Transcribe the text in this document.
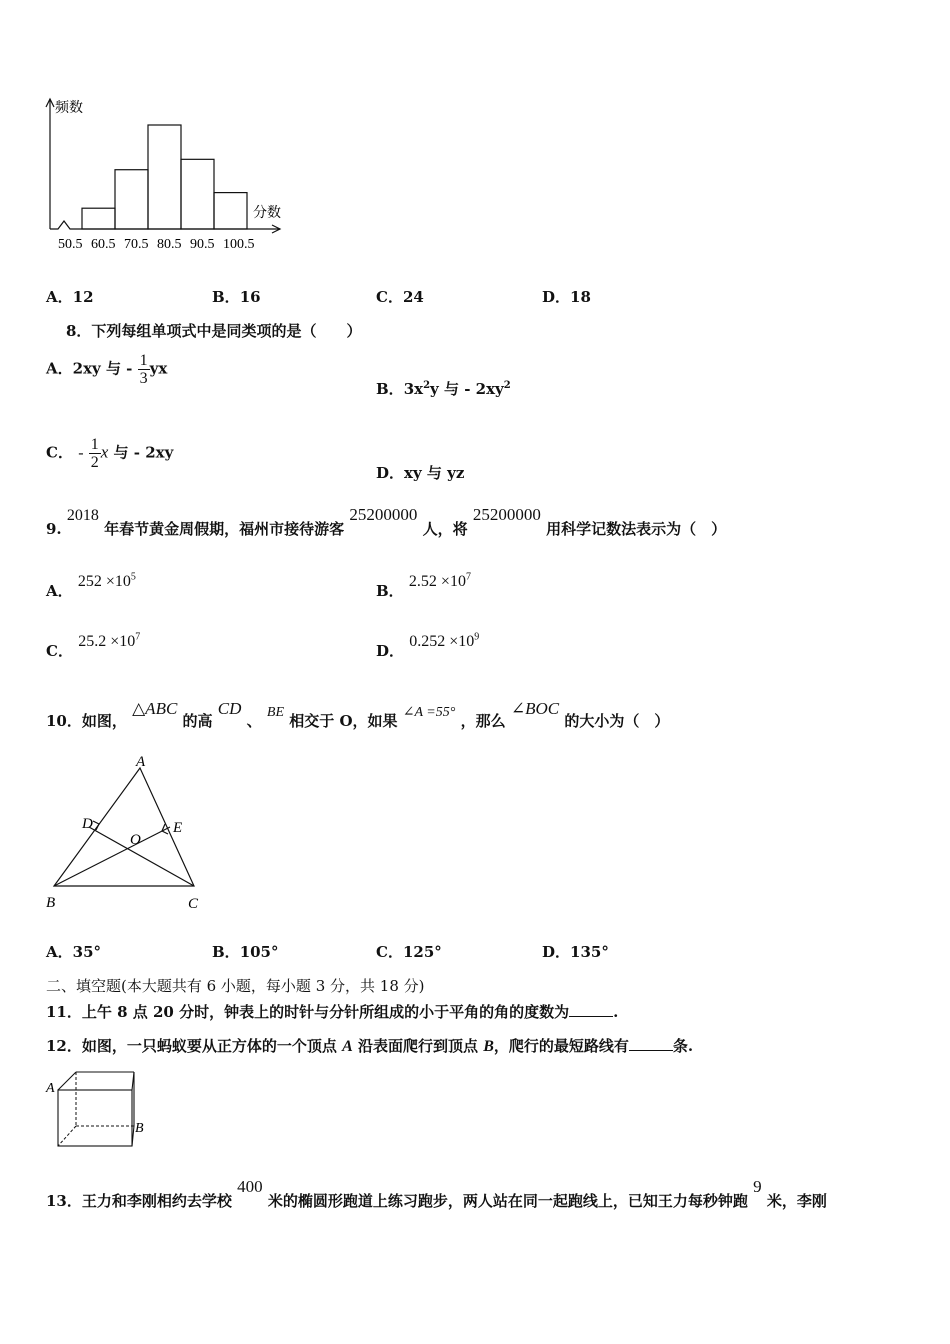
频数
分数
50.5 60.5 70.5 80.5 90.5 100.5
A．12	B．16	C．24	D．18
8．下列每组单项式中是同类项的是（　　）
A．2xy 与 - $\frac{1}{3}$ yx
B．$3x^2y$ 与 - $2xy^2$
C． - $\frac{1}{2}$ x 与 - 2xy
D．xy 与 yz
9. 2018 年春节黄金周假期，福州市接待游客 25200000 人，将 25200000 用科学记数法表示为（　）
A． $252 \times 10^5$
B． $2.52 \times 10^7$
C． $25.2 \times 10^7$
D． $0.252 \times 10^9$
10．如图， △ABC 的高 CD 、 BE 相交于 O，如果 ∠A =55° ，那么 ∠BOC 的大小为（　）
A
B	C
D	E
O
A．35°	B．105°	C．125°	D．135°
二、填空题(本大题共有 6 小题，每小题 3 分，共 18 分)
11．上午 8 点 20 分时，钟表上的时针与分针所组成的小于平角的角的度数为	.
12．如图，一只蚂蚁要从正方体的一个顶点 A 沿表面爬行到顶点 B，爬行的最短路线有	条.
A
B
13．王力和李刚相约去学校 400 米的椭圆形跑道上练习跑步，两人站在同一起跑线上，已知王力每秒钟跑 9 米，李刚
